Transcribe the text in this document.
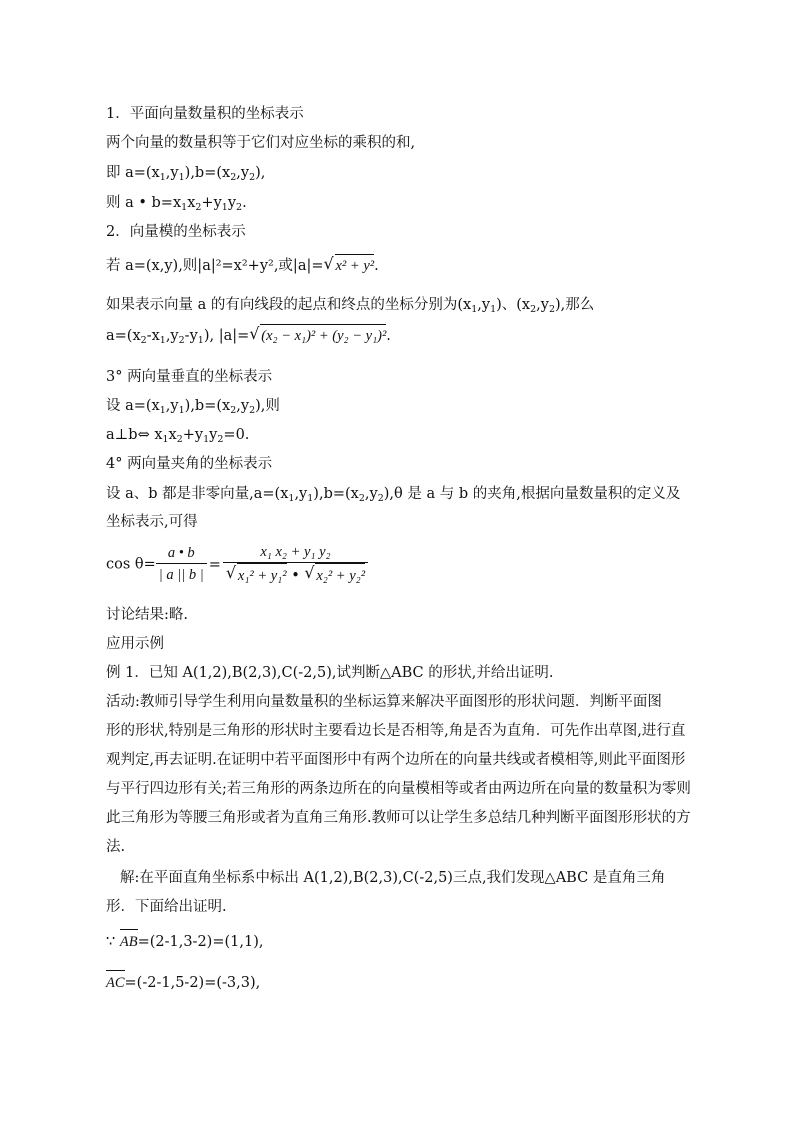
1．平面向量数量积的坐标表示
两个向量的数量积等于它们对应坐标的乘积的和,
即 $a=(x_1,y_1),b=(x_2,y_2)$,
则 a • $b=x_1x_2+y_1y_2$.
2．向量模的坐标表示
若 a=(x,y),则|a|²=x²+y²,或|a|= √ x² + y².
如果表示向量 a 的有向线段的起点和终点的坐标分别为$(x_1,y_1)$、$(x_2,y_2)$,那么
$a=(x_2-x_1,y_2-y_1)$, |a|= √ (x₂ − x₁)² + (y₂ − y₁)².
3° 两向量垂直的坐标表示
设 $a=(x_1,y_1),b=(x_2,y_2)$,则
a⊥b⇔ $x_1x_2+y_1y_2=0$.
4° 两向量夹角的坐标表示
设 a、b 都是非零向量$,a=(x_1,y_1),b=(x_2,y_2),\theta$ 是 a 与 b 的夹角,根据向量数量积的定义及
坐标表示,可得
$\cos \theta= \frac{a • b}{| a || b |} = \frac{\text{x₁ x₂ + y₁ y₂}}{\text{√ x₁² + y₁² • √ x₂² + y₂²}}$
讨论结果:略.
应用示例
例 1．已知 A(1,2),B(2,3),C(-2,5),试判断△ABC 的形状,并给出证明.
活动:教师引导学生利用向量数量积的坐标运算来解决平面图形的形状问题．判断平面图
形的形状,特别是三角形的形状时主要看边长是否相等,角是否为直角．可先作出草图,进行直
观判定,再去证明.在证明中若平面图形中有两个边所在的向量共线或者模相等,则此平面图形
与平行四边形有关;若三角形的两条边所在的向量模相等或者由两边所在向量的数量积为零则
此三角形为等腰三角形或者为直角三角形.教师可以让学生多总结几种判断平面图形形状的方
法.
解:在平面直角坐标系中标出 A(1,2),B(2,3),C(-2,5)三点,我们发现△ABC 是直角三角
形．下面给出证明.
∵ AB=(2-1,3-2)=(1,1),
AC=(-2-1,5-2)=(-3,3),
